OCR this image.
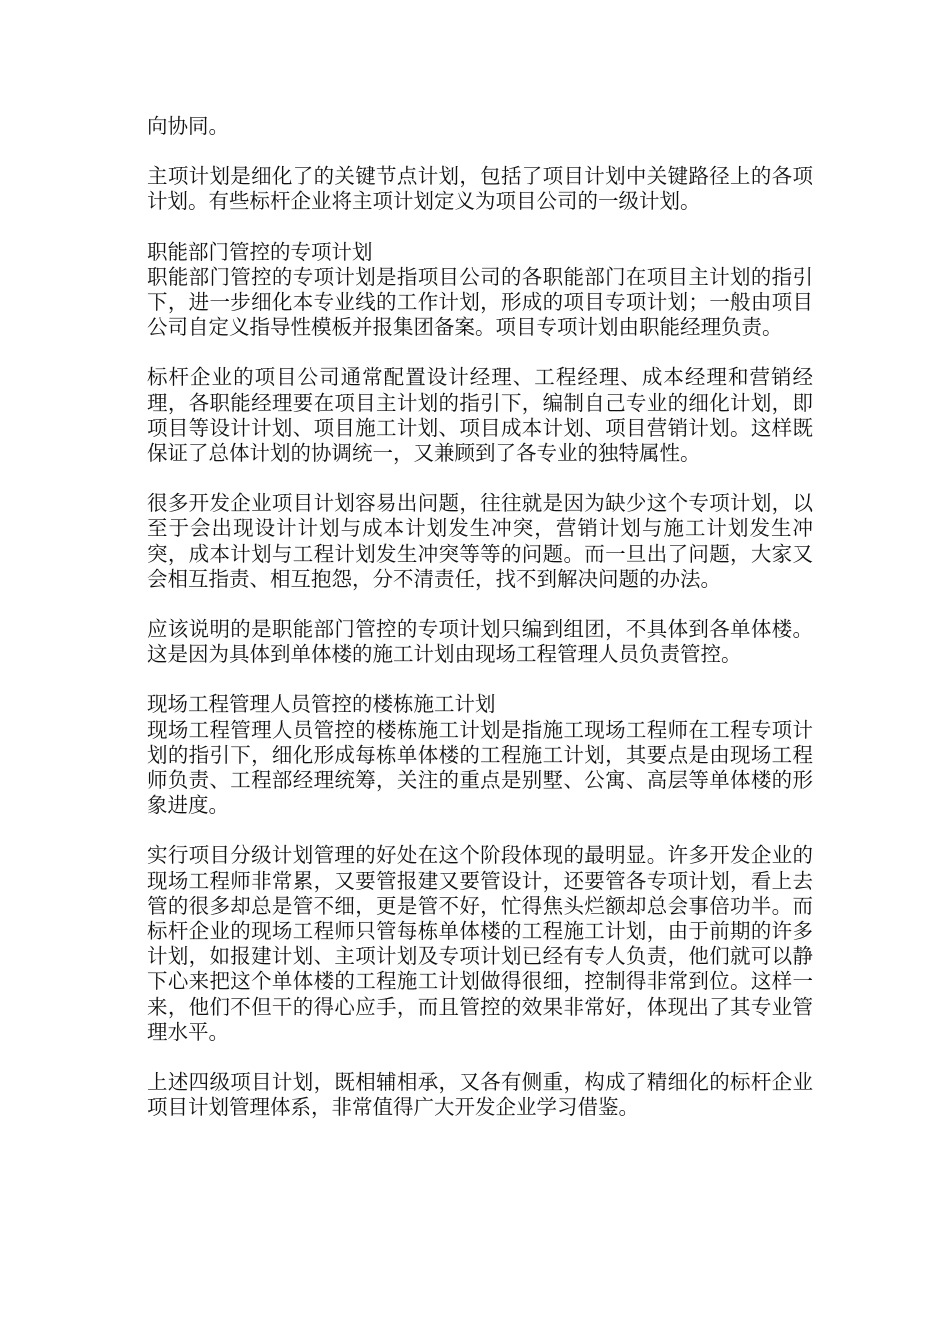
向协同。

主项计划是细化了的关键节点计划，包括了项目计划中关键路径上的各项计划。有些标杆企业将主项计划定义为项目公司的一级计划。

职能部门管控的专项计划

职能部门管控的专项计划是指项目公司的各职能部门在项目主计划的指引下，进一步细化本专业线的工作计划，形成的项目专项计划；一般由项目公司自定义指导性模板并报集团备案。项目专项计划由职能经理负责。

标杆企业的项目公司通常配置设计经理、工程经理、成本经理和营销经理，各职能经理要在项目主计划的指引下，编制自己专业的细化计划，即项目等设计计划、项目施工计划、项目成本计划、项目营销计划。这样既保证了总体计划的协调统一，又兼顾到了各专业的独特属性。

很多开发企业项目计划容易出问题，往往就是因为缺少这个专项计划，以至于会出现设计计划与成本计划发生冲突，营销计划与施工计划发生冲突，成本计划与工程计划发生冲突等等的问题。而一旦出了问题，大家又会相互指责、相互抱怨，分不清责任，找不到解决问题的办法。

应该说明的是职能部门管控的专项计划只编到组团，不具体到各单体楼。这是因为具体到单体楼的施工计划由现场工程管理人员负责管控。

现场工程管理人员管控的楼栋施工计划

现场工程管理人员管控的楼栋施工计划是指施工现场工程师在工程专项计划的指引下，细化形成每栋单体楼的工程施工计划，其要点是由现场工程师负责、工程部经理统筹，关注的重点是别墅、公寓、高层等单体楼的形象进度。

实行项目分级计划管理的好处在这个阶段体现的最明显。许多开发企业的现场工程师非常累，又要管报建又要管设计，还要管各专项计划，看上去管的很多却总是管不细，更是管不好，忙得焦头烂额却总会事倍功半。而标杆企业的现场工程师只管每栋单体楼的工程施工计划，由于前期的许多计划，如报建计划、主项计划及专项计划已经有专人负责，他们就可以静下心来把这个单体楼的工程施工计划做得很细，控制得非常到位。这样一来，他们不但干的得心应手，而且管控的效果非常好，体现出了其专业管理水平。

上述四级项目计划，既相辅相承，又各有侧重，构成了精细化的标杆企业项目计划管理体系，非常值得广大开发企业学习借鉴。
